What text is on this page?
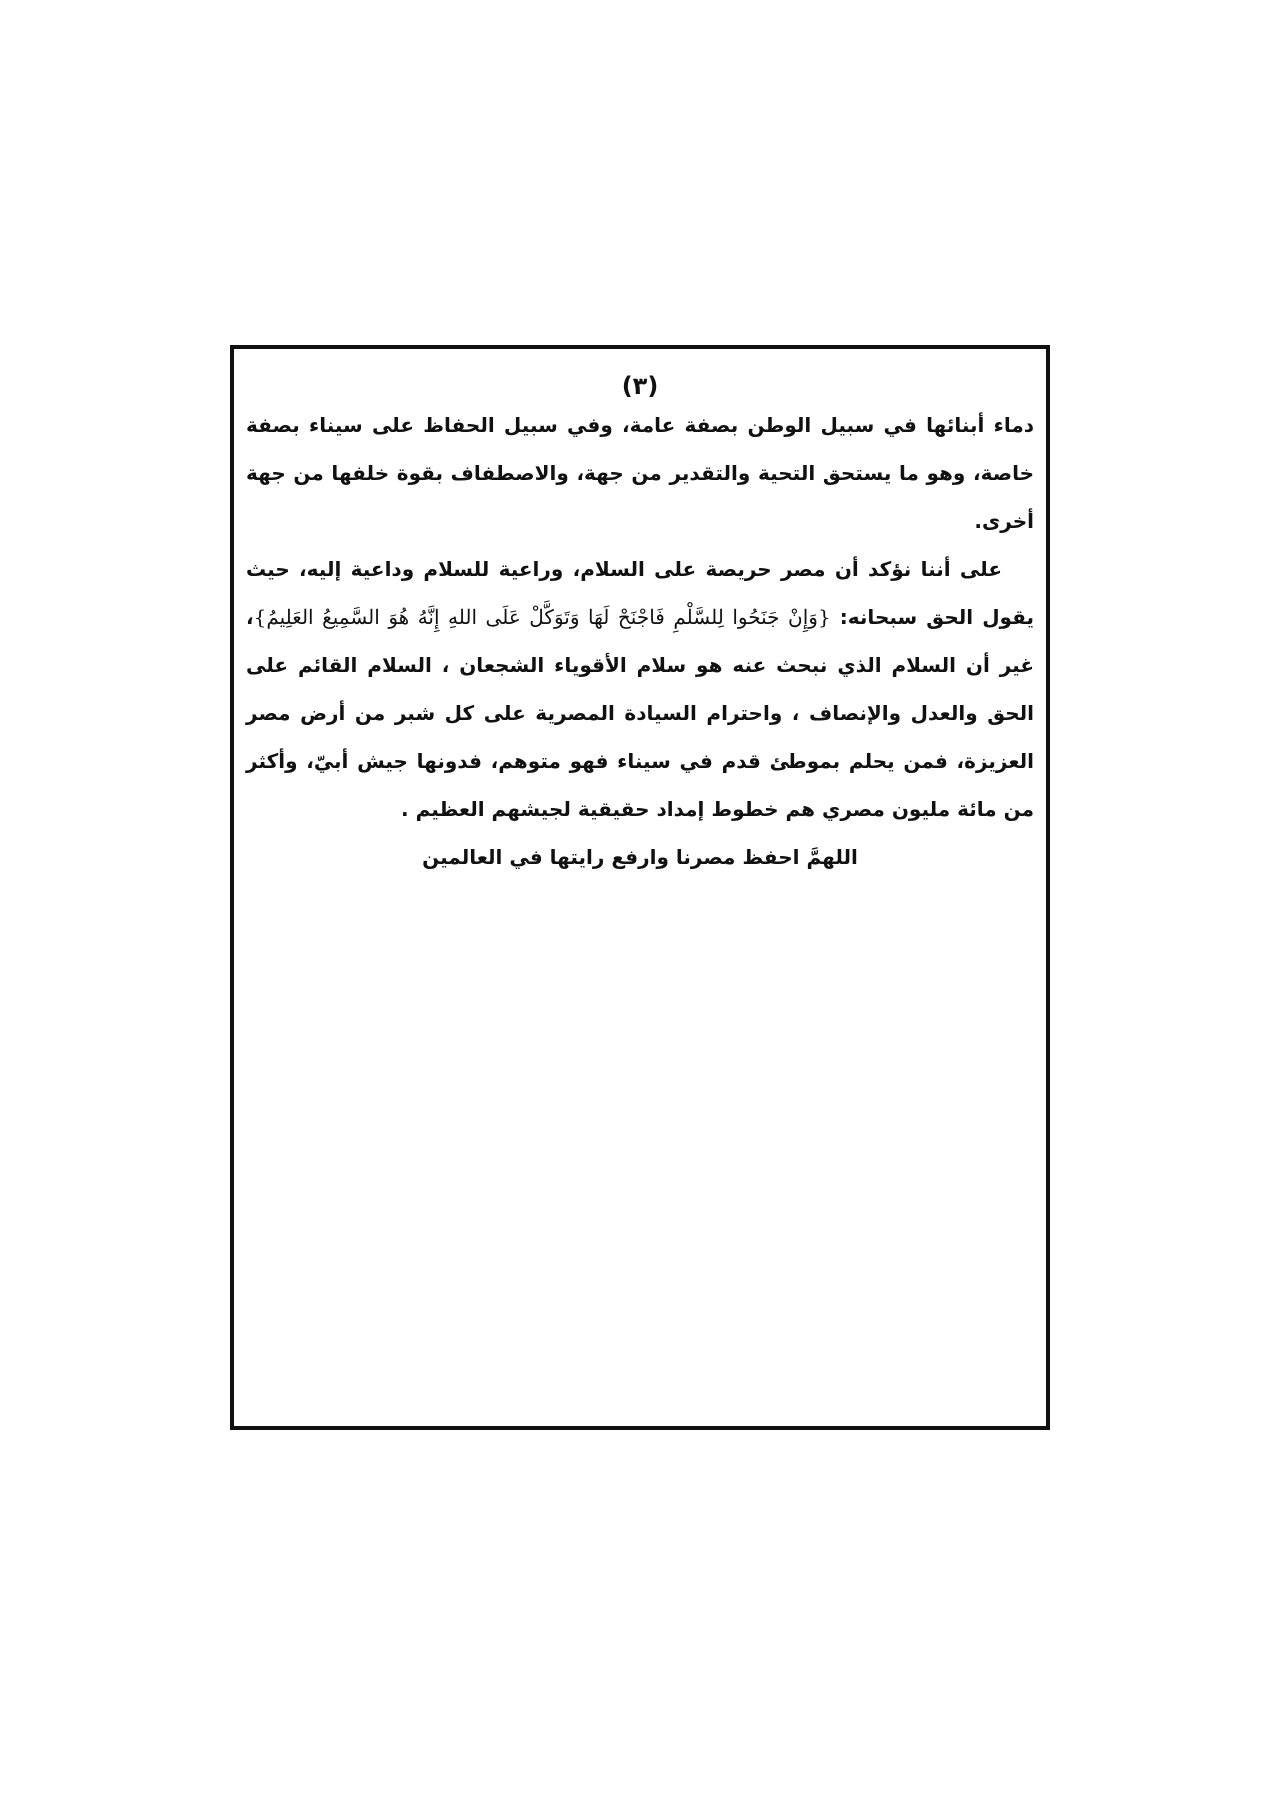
(٣)

دماء أبنائها في سبيل الوطن بصفة عامة، وفي سبيل الحفاظ على سيناء بصفة خاصة، وهو ما يستحق التحية والتقدير من جهة، والاصطفاف بقوة خلفها من جهة أخرى.

على أننا نؤكد أن مصر حريصة على السلام، وراعية للسلام وداعية إليه، حيث يقول الحق سبحانه: {وَإِنْ جَنَحُوا لِلسَّلْمِ فَاجْنَحْ لَهَا وَتَوَكَّلْ عَلَى اللهِ إِنَّهُ هُوَ السَّمِيعُ العَلِيمُ}، غير أن السلام الذي نبحث عنه هو سلام الأقوياء الشجعان ، السلام القائم على الحق والعدل والإنصاف ، واحترام السيادة المصرية على كل شبر من أرض مصر العزيزة، فمن يحلم بموطئ قدم في سيناء فهو متوهم، فدونها جيش أبيّ، وأكثر من مائة مليون مصري هم خطوط إمداد حقيقية لجيشهم العظيم .

اللهمَّ احفظ مصرنا وارفع رايتها في العالمين
